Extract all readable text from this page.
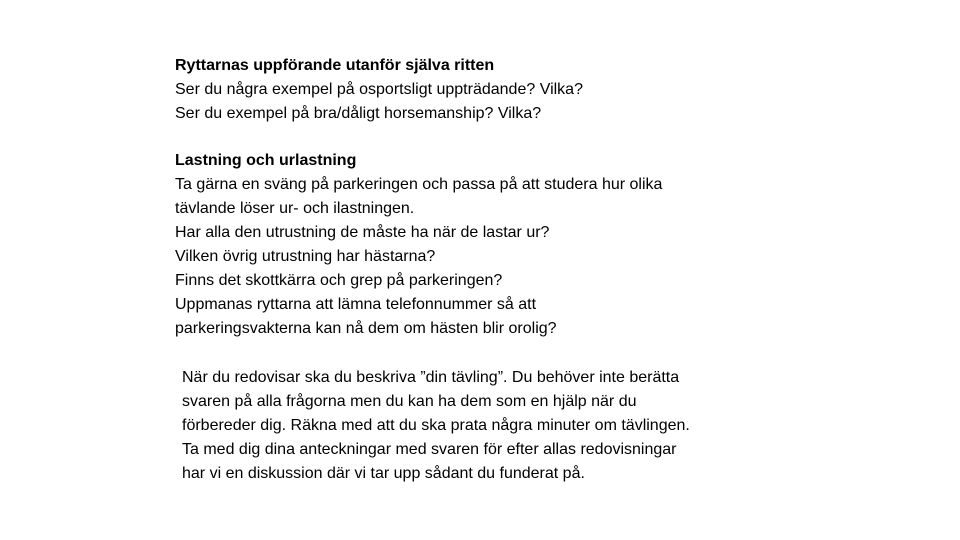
Ryttarnas uppförande utanför själva ritten
Ser du några exempel på osportsligt uppträdande? Vilka?
Ser du exempel på bra/dåligt horsemanship? Vilka?
Lastning och urlastning
Ta gärna en sväng på parkeringen och passa på att studera hur olika
tävlande löser ur- och ilastningen.
Har alla den utrustning de måste ha när de lastar ur?
Vilken övrig utrustning har hästarna?
Finns det skottkärra och grep på parkeringen?
Uppmanas ryttarna att lämna telefonnummer så att
parkeringsvakterna kan nå dem om hästen blir orolig?
När du redovisar ska du beskriva ”din tävling”. Du behöver inte berätta
svaren på alla frågorna men du kan ha dem som en hjälp när du
förbereder dig. Räkna med att du ska prata några minuter om tävlingen.
Ta med dig dina anteckningar med svaren för efter allas redovisningar
har vi en diskussion där vi tar upp sådant du funderat på.
